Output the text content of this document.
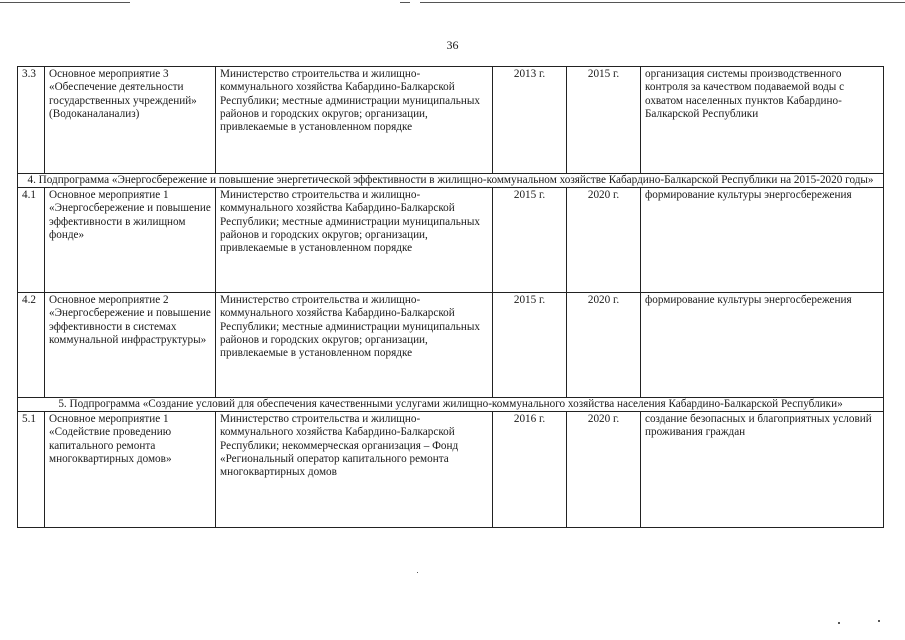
36
3.3	Основное мероприятие 3 «Обеспечение деятельности государственных учреждений» (Водоканаланализ)	Министерство строительства и жилищно-коммунального хозяйства Кабардино-Балкарской Республики; местные администрации муниципальных районов и городских округов; организации, привлекаемые в установленном порядке	2013 г.	2015 г.	организация системы производственного контроля за качеством подаваемой воды с охватом населенных пунктов Кабардино-Балкарской Республики
4. Подпрограмма «Энергосбережение и повышение энергетической эффективности в жилищно-коммунальном хозяйстве Кабардино-Балкарской Республики на 2015-2020 годы»					
4.1	Основное мероприятие 1 «Энергосбережение и повышение эффективности в жилищном фонде»	Министерство строительства и жилищно-коммунального хозяйства Кабардино-Балкарской Республики; местные администрации муниципальных районов и городских округов; организации, привлекаемые в установленном порядке	2015 г.	2020 г.	формирование культуры энергосбережения
4.2	Основное мероприятие 2 «Энергосбережение и повышение эффективности в системах коммунальной инфраструктуры»	Министерство строительства и жилищно-коммунального хозяйства Кабардино-Балкарской Республики; местные администрации муниципальных районов и городских округов; организации, привлекаемые в установленном порядке	2015 г.	2020 г.	формирование культуры энергосбережения
5. Подпрограмма «Создание условий для обеспечения качественными услугами жилищно-коммунального хозяйства населения Кабардино-Балкарской Республики»					
5.1	Основное мероприятие 1 «Содействие проведению капитального ремонта многоквартирных домов»	Министерство строительства и жилищно-коммунального хозяйства Кабардино-Балкарской Республики; некоммерческая организация – Фонд «Региональный оператор капитального ремонта многоквартирных домов	2016 г.	2020 г.	создание безопасных и благоприятных условий проживания граждан
